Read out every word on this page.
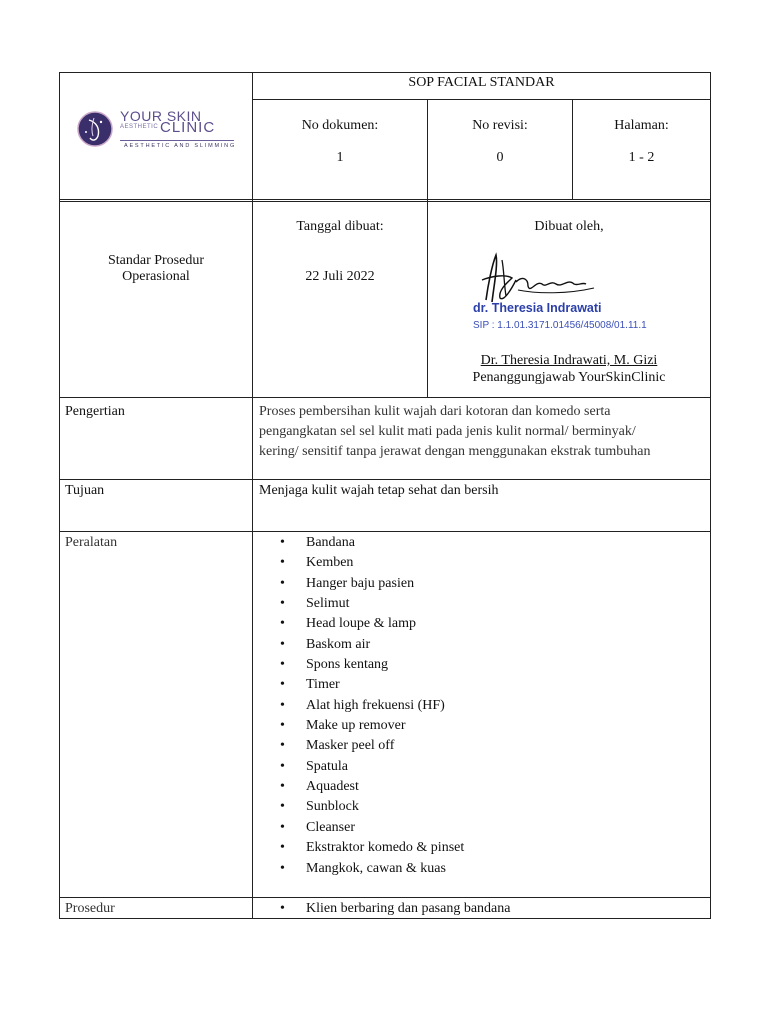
YOUR SKIN
AESTHETIC CLINIC
AESTHETIC AND SLIMMING
SOP FACIAL STANDAR
No dokumen:
1
No revisi:
0
Halaman:
1 - 2
Standar Prosedur
Operasional
Tanggal dibuat:
22 Juli 2022
Dibuat oleh,
dr. Theresia Indrawati
SIP : 1.1.01.3171.01456/45008/01.11.1
Dr. Theresia Indrawati, M. Gizi
Penanggungjawab YourSkinClinic
Pengertian	Proses pembersihan kulit wajah dari kotoran dan komedo serta
pengangkatan sel sel kulit mati pada jenis kulit normal/ berminyak/
kering/ sensitif tanpa jerawat dengan menggunakan ekstrak tumbuhan
Tujuan	Menjaga kulit wajah tetap sehat dan bersih
Peralatan	• Bandana
• Kemben
• Hanger baju pasien
• Selimut
• Head loupe & lamp
• Baskom air
• Spons kentang
• Timer
• Alat high frekuensi (HF)
• Make up remover
• Masker peel off
• Spatula
• Aquadest
• Sunblock
• Cleanser
• Ekstraktor komedo & pinset
• Mangkok, cawan & kuas
Prosedur	• Klien berbaring dan pasang bandana
